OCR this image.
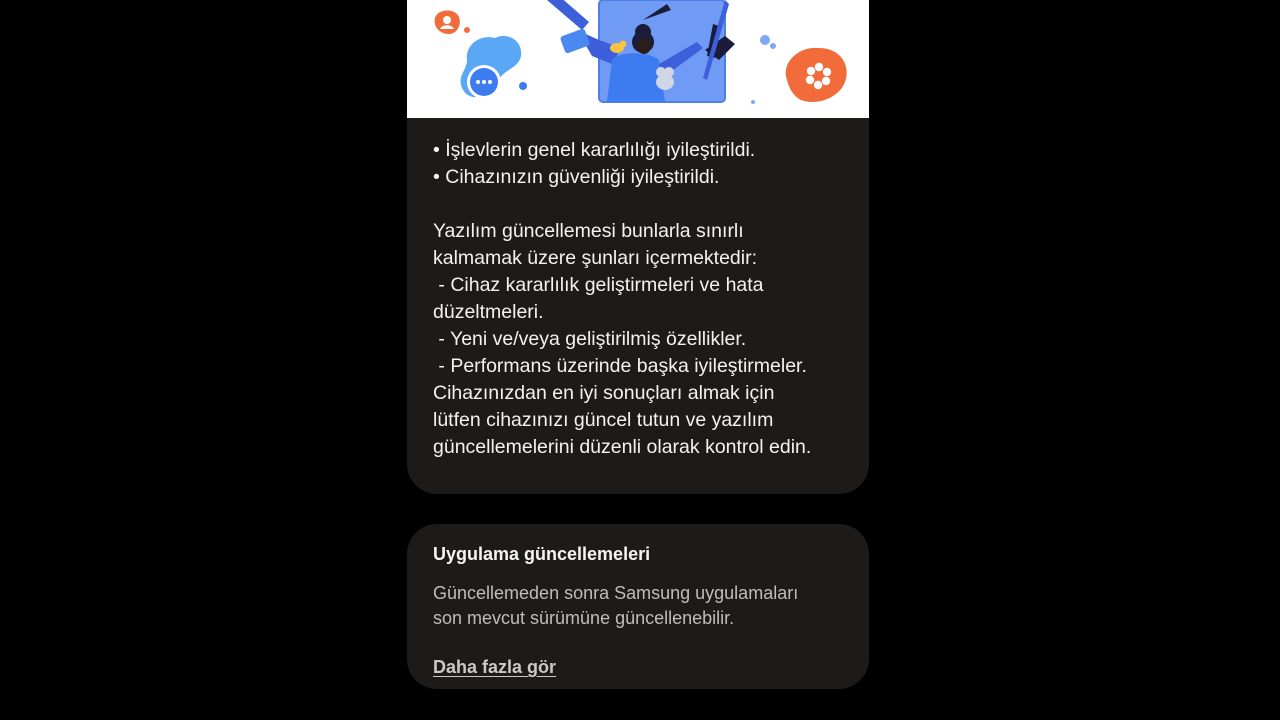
• İşlevlerin genel kararlılığı iyileştirildi.
• Cihazınızın güvenliği iyileştirildi.
Yazılım güncellemesi bunlarla sınırlı
kalmamak üzere şunları içermektedir:
- Cihaz kararlılık geliştirmeleri ve hata
düzeltmeleri.
- Yeni ve/veya geliştirilmiş özellikler.
- Performans üzerinde başka iyileştirmeler.
Cihazınızdan en iyi sonuçları almak için
lütfen cihazınızı güncel tutun ve yazılım
güncellemelerini düzenli olarak kontrol edin.
Uygulama güncellemeleri
Güncellemeden sonra Samsung uygulamaları
son mevcut sürümüne güncellenebilir.
Daha fazla gör
